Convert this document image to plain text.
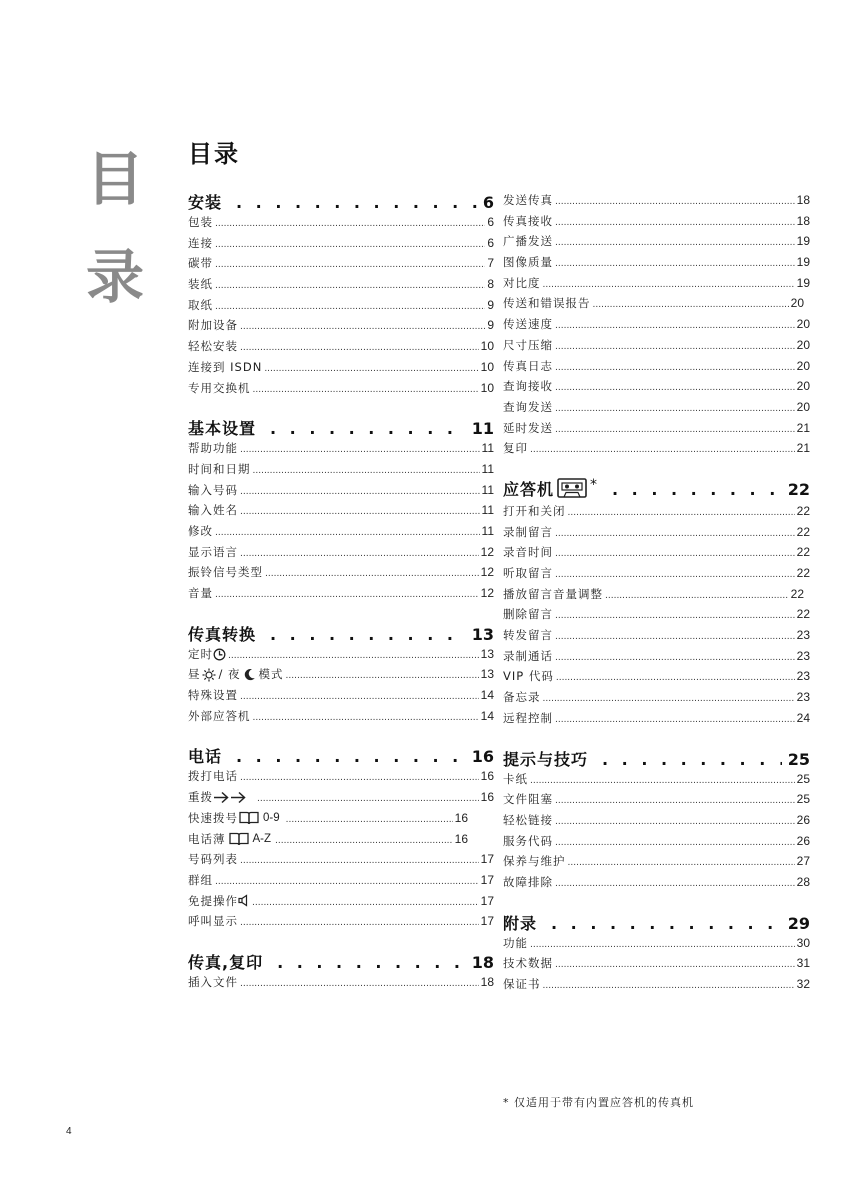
目
录
目录
安装 . . .	6
包装 .....	6
连接 .....	6
碳带 .....	7
装纸 .....	8
取纸 .....	9
附加设备 .....	9
轻松安装 .....	10
连接到 ISDN .....	10
专用交换机 .....	10
基本设置 . . .	11
帮助功能 .....	11
时间和日期 .....	11
输入号码 .....	11
输入姓名 .....	11
修改 .....	11
显示语言 .....	12
振铃信号类型 .....	12
音量 .....	12
传真转换 . . .	13
定时 .....	13
昼 / 夜 模式 .....	13
特殊设置 .....	14
外部应答机 .....	14
电话 . . .	16
拨打电话 .....	16
重拨 .....	16
快速拨号 0-9 .....	16
电话薄 A-Z .....	16
号码列表 .....	17
群组 .....	17
免提操作 .....	17
呼叫显示 .....	17
传真,复印 . . .	18
插入文件 .....	18
发送传真 .....	18
传真接收 .....	18
广播发送 .....	19
图像质量 .....	19
对比度 .....	19
传送和错误报告 .....	20
传送速度 .....	20
尺寸压缩 .....	20
传真日志 .....	20
查询接收 .....	20
查询发送 .....	20
延时发送 .....	21
复印 .....	21
应答机	* . . .	22
打开和关闭 .....	22
录制留言 .....	22
录音时间 .....	22
听取留言 .....	22
播放留言音量调整 .....	22
删除留言 .....	22
转发留言 .....	23
录制通话 .....	23
VIP 代码 .....	23
备忘录 .....	23
远程控制 .....	24
提示与技巧 . . .	25
卡纸 .....	25
文件阻塞 .....	25
轻松链接 .....	26
服务代码 .....	26
保养与维护 .....	27
故障排除 .....	28
附录 . . .	29
功能 .....	30
技术数据 .....	31
保证书 .....	32
* 仅适用于带有内置应答机的传真机
4
